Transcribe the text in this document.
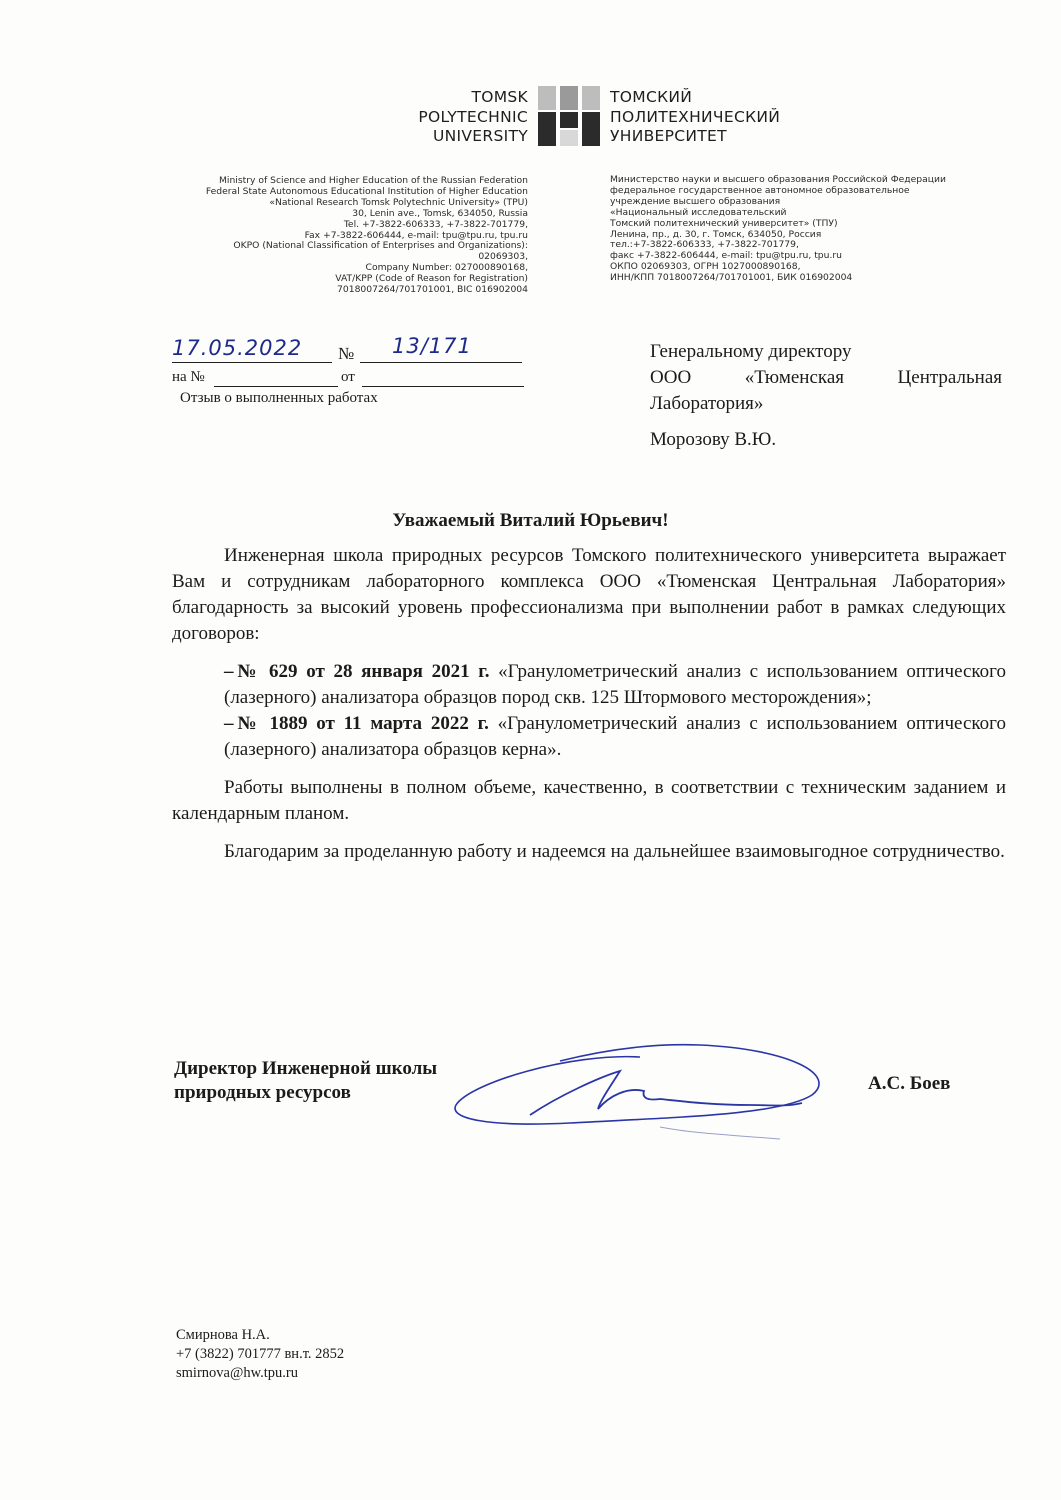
TOMSK
POLYTECHNIC
UNIVERSITY
ТОМСКИЙ
ПОЛИТЕХНИЧЕСКИЙ
УНИВЕРСИТЕТ
Ministry of Science and Higher Education of the Russian Federation
Federal State Autonomous Educational Institution of Higher Education
«National Research Tomsk Polytechnic University» (TPU)
30, Lenin ave., Tomsk, 634050, Russia
Tel. +7-3822-606333, +7-3822-701779,
Fax +7-3822-606444, e-mail: tpu@tpu.ru, tpu.ru
OKPO (National Classification of Enterprises and Organizations):
02069303,
Company Number: 027000890168,
VAT/KPP (Code of Reason for Registration)
7018007264/701701001, BIC 016902004
Министерство науки и высшего образования Российской Федерации
федеральное государственное автономное образовательное
учреждение высшего образования
«Национальный исследовательский
Томский политехнический университет» (ТПУ)
Ленина, пр., д. 30, г. Томск, 634050, Россия
тел.:+7-3822-606333, +7-3822-701779,
факс +7-3822-606444, e-mail: tpu@tpu.ru, tpu.ru
ОКПО 02069303, ОГРН 1027000890168,
ИНН/КПП 7018007264/701701001, БИК 016902004
17.05.2022 № 13/171
на №	от
Отзыв о выполненных работах
Генеральному директору
ООО «Тюменская Центральная
Лаборатория»
Морозову В.Ю.
Уважаемый Виталий Юрьевич!

Инженерная школа природных ресурсов Томского политехнического университета выражает Вам и сотрудникам лабораторного комплекса ООО «Тюменская Центральная Лаборатория» благодарность за высокий уровень профессионализма при выполнении работ в рамках следующих договоров:

–№ 629 от 28 января 2021 г. «Гранулометрический анализ с использованием оптического (лазерного) анализатора образцов пород скв. 125 Штормового месторождения»;
–№ 1889 от 11 марта 2022 г. «Гранулометрический анализ с использованием оптического (лазерного) анализатора образцов керна».

Работы выполнены в полном объеме, качественно, в соответствии с техническим заданием и календарным планом.

Благодарим за проделанную работу и надеемся на дальнейшее взаимовыгодное сотрудничество.

Директор Инженерной школы
природных ресурсов	А.С. Боев
Смирнова Н.А.
+7 (3822) 701777 вн.т. 2852
smirnova@hw.tpu.ru
